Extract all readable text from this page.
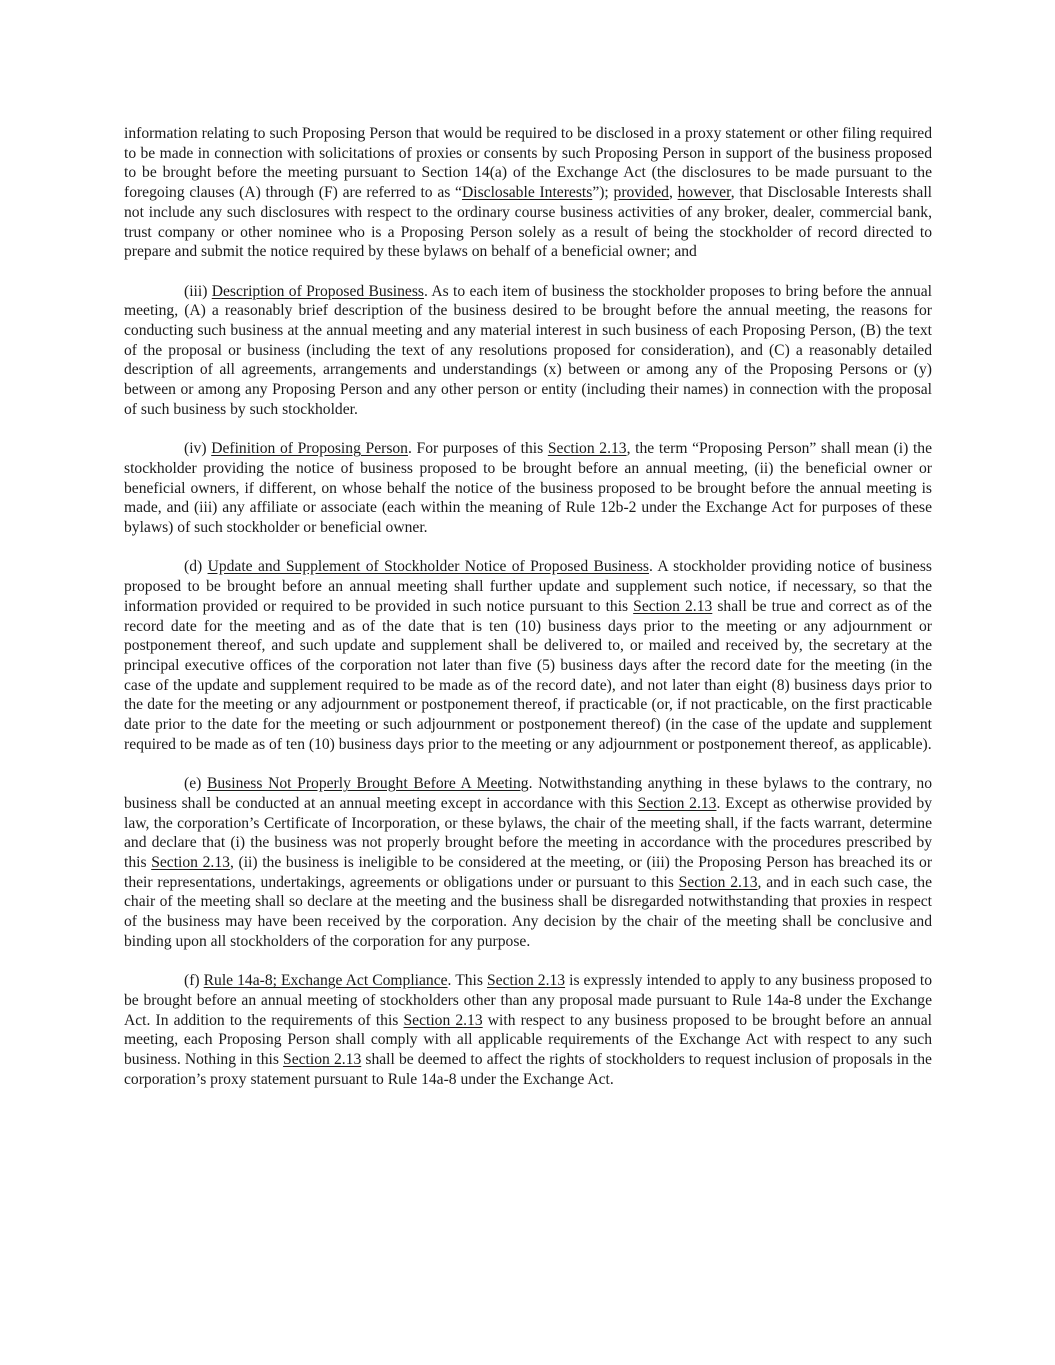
information relating to such Proposing Person that would be required to be disclosed in a proxy statement or other filing required to be made in connection with solicitations of proxies or consents by such Proposing Person in support of the business proposed to be brought before the meeting pursuant to Section 14(a) of the Exchange Act (the disclosures to be made pursuant to the foregoing clauses (A) through (F) are referred to as “Disclosable Interests”); provided, however, that Disclosable Interests shall not include any such disclosures with respect to the ordinary course business activities of any broker, dealer, commercial bank, trust company or other nominee who is a Proposing Person solely as a result of being the stockholder of record directed to prepare and submit the notice required by these bylaws on behalf of a beneficial owner; and

(iii) Description of Proposed Business. As to each item of business the stockholder proposes to bring before the annual meeting, (A) a reasonably brief description of the business desired to be brought before the annual meeting, the reasons for conducting such business at the annual meeting and any material interest in such business of each Proposing Person, (B) the text of the proposal or business (including the text of any resolutions proposed for consideration), and (C) a reasonably detailed description of all agreements, arrangements and understandings (x) between or among any of the Proposing Persons or (y) between or among any Proposing Person and any other person or entity (including their names) in connection with the proposal of such business by such stockholder.

(iv) Definition of Proposing Person. For purposes of this Section 2.13, the term “Proposing Person” shall mean (i) the stockholder providing the notice of business proposed to be brought before an annual meeting, (ii) the beneficial owner or beneficial owners, if different, on whose behalf the notice of the business proposed to be brought before the annual meeting is made, and (iii) any affiliate or associate (each within the meaning of Rule 12b-2 under the Exchange Act for purposes of these bylaws) of such stockholder or beneficial owner.

(d) Update and Supplement of Stockholder Notice of Proposed Business. A stockholder providing notice of business proposed to be brought before an annual meeting shall further update and supplement such notice, if necessary, so that the information provided or required to be provided in such notice pursuant to this Section 2.13 shall be true and correct as of the record date for the meeting and as of the date that is ten (10) business days prior to the meeting or any adjournment or postponement thereof, and such update and supplement shall be delivered to, or mailed and received by, the secretary at the principal executive offices of the corporation not later than five (5) business days after the record date for the meeting (in the case of the update and supplement required to be made as of the record date), and not later than eight (8) business days prior to the date for the meeting or any adjournment or postponement thereof, if practicable (or, if not practicable, on the first practicable date prior to the date for the meeting or such adjournment or postponement thereof) (in the case of the update and supplement required to be made as of ten (10) business days prior to the meeting or any adjournment or postponement thereof, as applicable).

(e) Business Not Properly Brought Before A Meeting. Notwithstanding anything in these bylaws to the contrary, no business shall be conducted at an annual meeting except in accordance with this Section 2.13. Except as otherwise provided by law, the corporation’s Certificate of Incorporation, or these bylaws, the chair of the meeting shall, if the facts warrant, determine and declare that (i) the business was not properly brought before the meeting in accordance with the procedures prescribed by this Section 2.13, (ii) the business is ineligible to be considered at the meeting, or (iii) the Proposing Person has breached its or their representations, undertakings, agreements or obligations under or pursuant to this Section 2.13, and in each such case, the chair of the meeting shall so declare at the meeting and the business shall be disregarded notwithstanding that proxies in respect of the business may have been received by the corporation. Any decision by the chair of the meeting shall be conclusive and binding upon all stockholders of the corporation for any purpose.

(f) Rule 14a-8; Exchange Act Compliance. This Section 2.13 is expressly intended to apply to any business proposed to be brought before an annual meeting of stockholders other than any proposal made pursuant to Rule 14a-8 under the Exchange Act. In addition to the requirements of this Section 2.13 with respect to any business proposed to be brought before an annual meeting, each Proposing Person shall comply with all applicable requirements of the Exchange Act with respect to any such business. Nothing in this Section 2.13 shall be deemed to affect the rights of stockholders to request inclusion of proposals in the corporation’s proxy statement pursuant to Rule 14a-8 under the Exchange Act.
